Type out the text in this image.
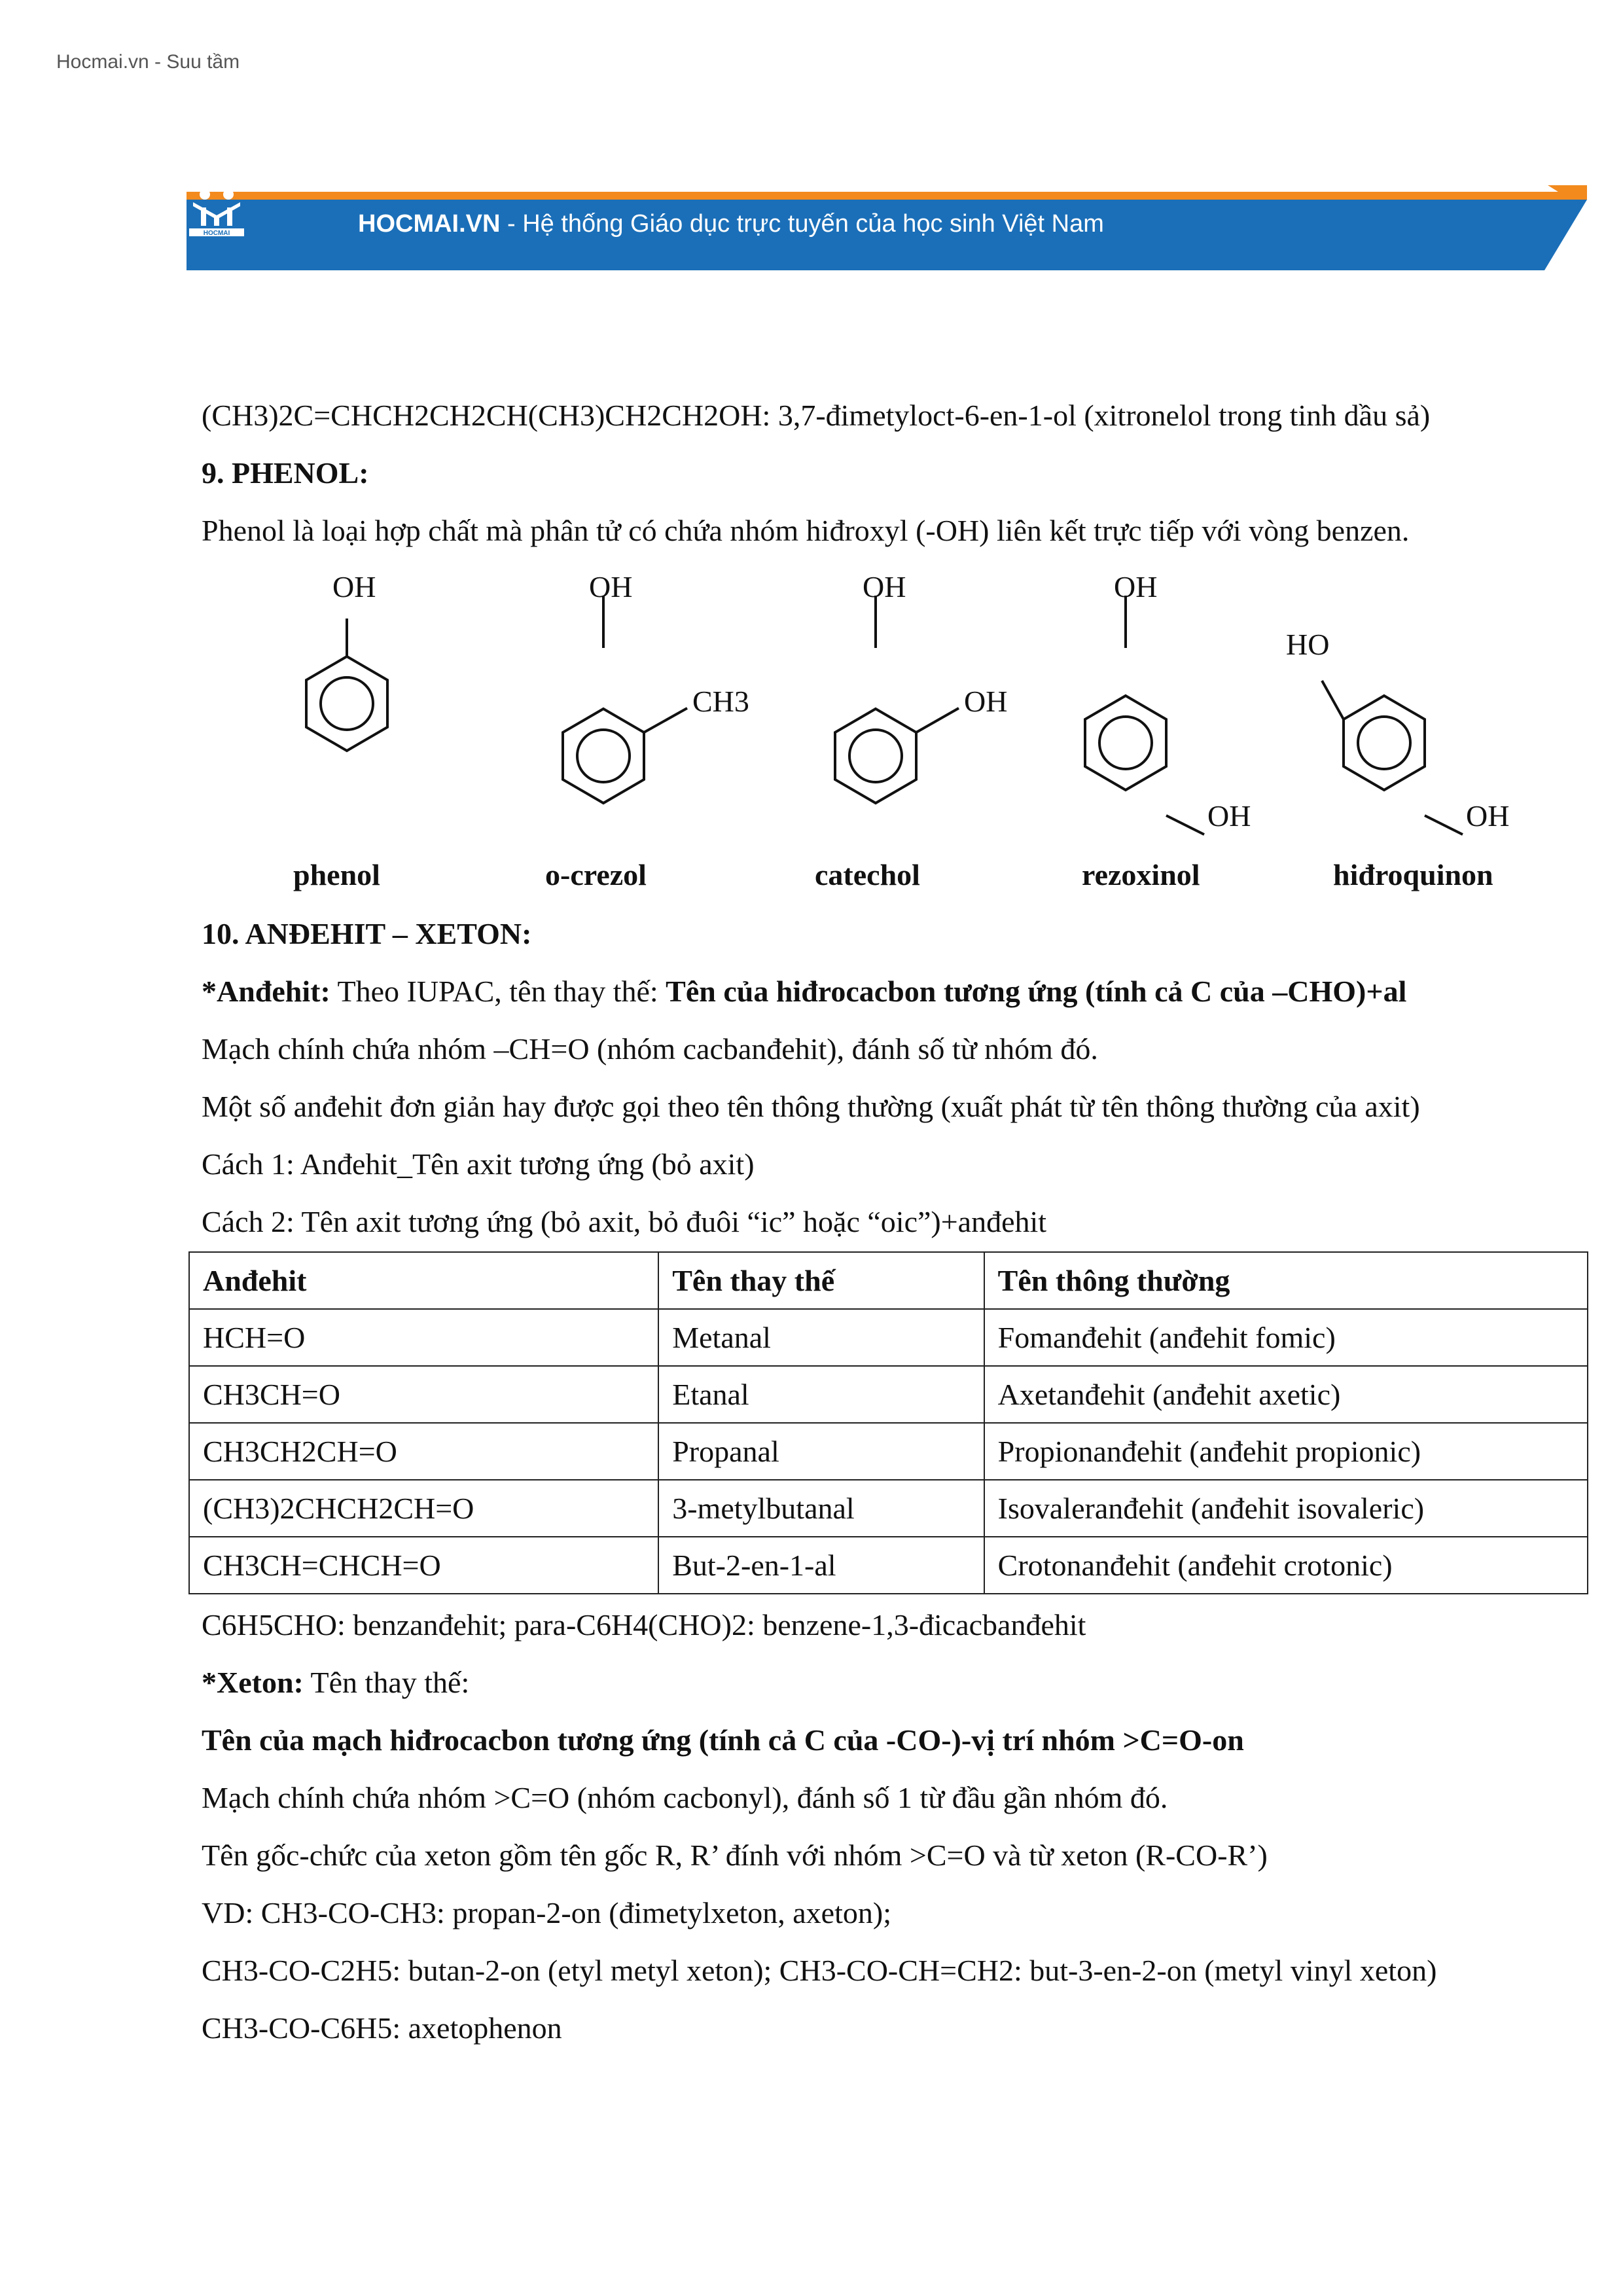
Hocmai.vn - Suu tầm
HOCMAI	HOCMAI.VN - Hệ thống Giáo dục trực tuyến của học sinh Việt Nam
(CH3)2C=CHCH2CH2CH(CH3)CH2CH2OH: 3,7-đimetyloct-6-en-1-ol (xitronelol trong tinh dầu sả)
9. PHENOL:
Phenol là loại hợp chất mà phân tử có chứa nhóm hiđroxyl (-OH) liên kết trực tiếp với vòng benzen.
OH	OH
CH3
OH
OH
OH
OH
HO
OH
phenol	o-crezol	catechol	rezoxinol	hiđroquinon
10. ANĐEHIT – XETON:
*Anđehit: Theo IUPAC, tên thay thế: Tên của hiđrocacbon tương ứng (tính cả C của –CHO)+al
Mạch chính chứa nhóm –CH=O (nhóm cacbanđehit), đánh số từ nhóm đó.
Một số anđehit đơn giản hay được gọi theo tên thông thường (xuất phát từ tên thông thường của axit)
Cách 1: Anđehit_Tên axit tương ứng (bỏ axit)
Cách 2: Tên axit tương ứng (bỏ axit, bỏ đuôi “ic” hoặc “oic”)+anđehit
Anđehit	Tên thay thế	Tên thông thường
HCH=O	Metanal	Fomanđehit (anđehit fomic)
CH3CH=O	Etanal	Axetanđehit (anđehit axetic)
CH3CH2CH=O	Propanal	Propionanđehit (anđehit propionic)
(CH3)2CHCH2CH=O	3-metylbutanal	Isovaleranđehit (anđehit isovaleric)
CH3CH=CHCH=O	But-2-en-1-al	Crotonanđehit (anđehit crotonic)
C6H5CHO: benzanđehit; para-C6H4(CHO)2: benzene-1,3-đicacbanđehit
*Xeton: Tên thay thế:
Tên của mạch hiđrocacbon tương ứng (tính cả C của -CO-)-vị trí nhóm >C=O-on
Mạch chính chứa nhóm >C=O (nhóm cacbonyl), đánh số 1 từ đầu gần nhóm đó.
Tên gốc-chức của xeton gồm tên gốc R, R’ đính với nhóm >C=O và từ xeton (R-CO-R’)
VD: CH3-CO-CH3: propan-2-on (đimetylxeton, axeton);
CH3-CO-C2H5: butan-2-on (etyl metyl xeton); CH3-CO-CH=CH2: but-3-en-2-on (metyl vinyl xeton)
CH3-CO-C6H5: axetophenon
